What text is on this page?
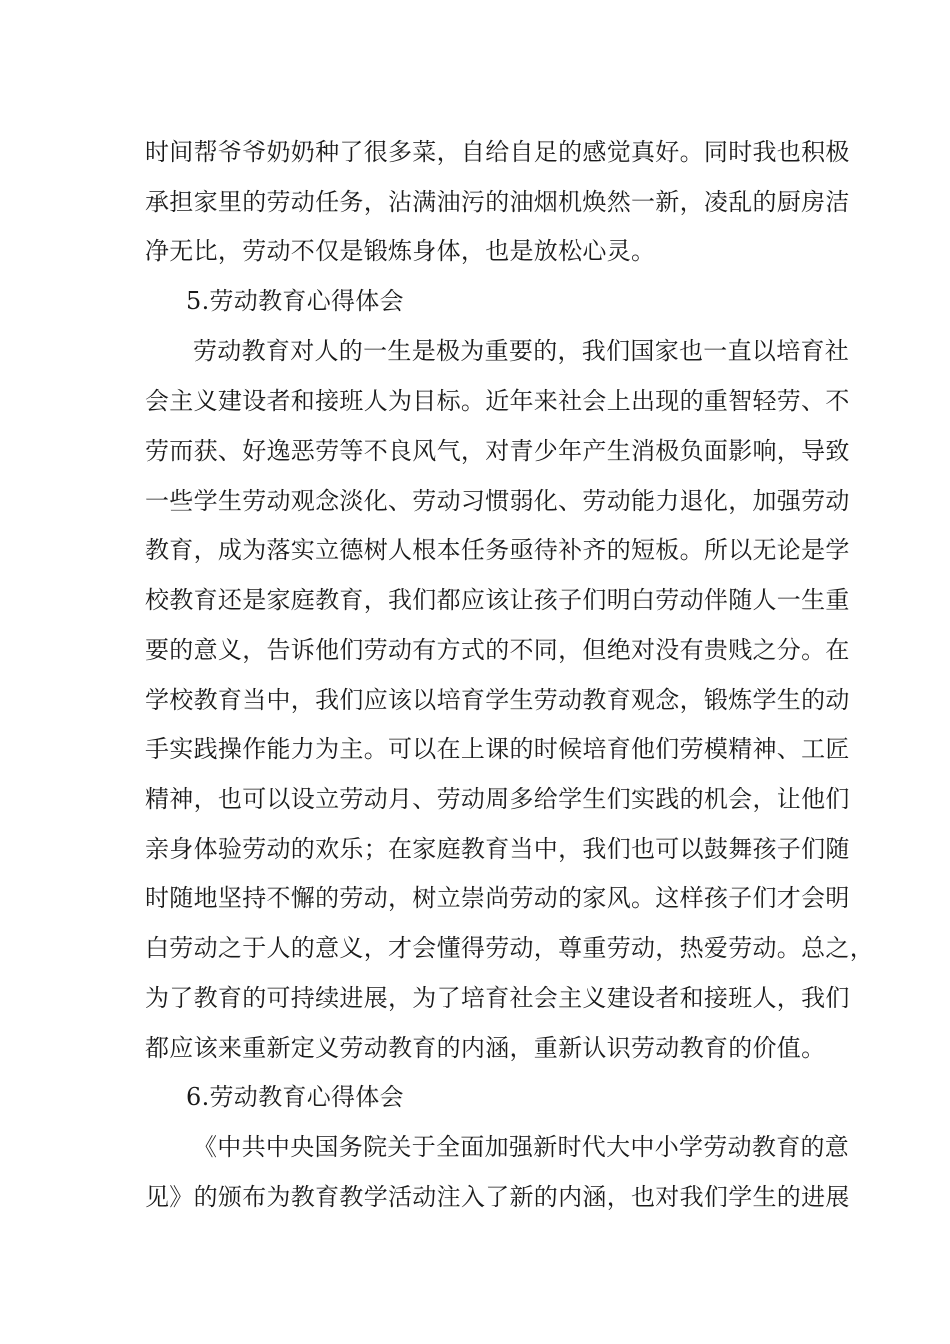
时间帮爷爷奶奶种了很多菜，自给自足的感觉真好。同时我也积极

承担家里的劳动任务，沾满油污的油烟机焕然一新，凌乱的厨房洁

净无比，劳动不仅是锻炼身体，也是放松心灵。

5.劳动教育心得体会

劳动教育对人的一生是极为重要的，我们国家也一直以培育社

会主义建设者和接班人为目标。近年来社会上出现的重智轻劳、不

劳而获、好逸恶劳等不良风气，对青少年产生消极负面影响，导致

一些学生劳动观念淡化、劳动习惯弱化、劳动能力退化，加强劳动

教育，成为落实立德树人根本任务亟待补齐的短板。所以无论是学

校教育还是家庭教育，我们都应该让孩子们明白劳动伴随人一生重

要的意义，告诉他们劳动有方式的不同，但绝对没有贵贱之分。在

学校教育当中，我们应该以培育学生劳动教育观念，锻炼学生的动

手实践操作能力为主。可以在上课的时候培育他们劳模精神、工匠

精神，也可以设立劳动月、劳动周多给学生们实践的机会，让他们

亲身体验劳动的欢乐；在家庭教育当中，我们也可以鼓舞孩子们随

时随地坚持不懈的劳动，树立崇尚劳动的家风。这样孩子们才会明

白劳动之于人的意义，才会懂得劳动，尊重劳动，热爱劳动。总之，

为了教育的可持续进展，为了培育社会主义建设者和接班人，我们

都应该来重新定义劳动教育的内涵，重新认识劳动教育的价值。

6.劳动教育心得体会

《中共中央国务院关于全面加强新时代大中小学劳动教育的意

见》的颁布为教育教学活动注入了新的内涵，也对我们学生的进展
